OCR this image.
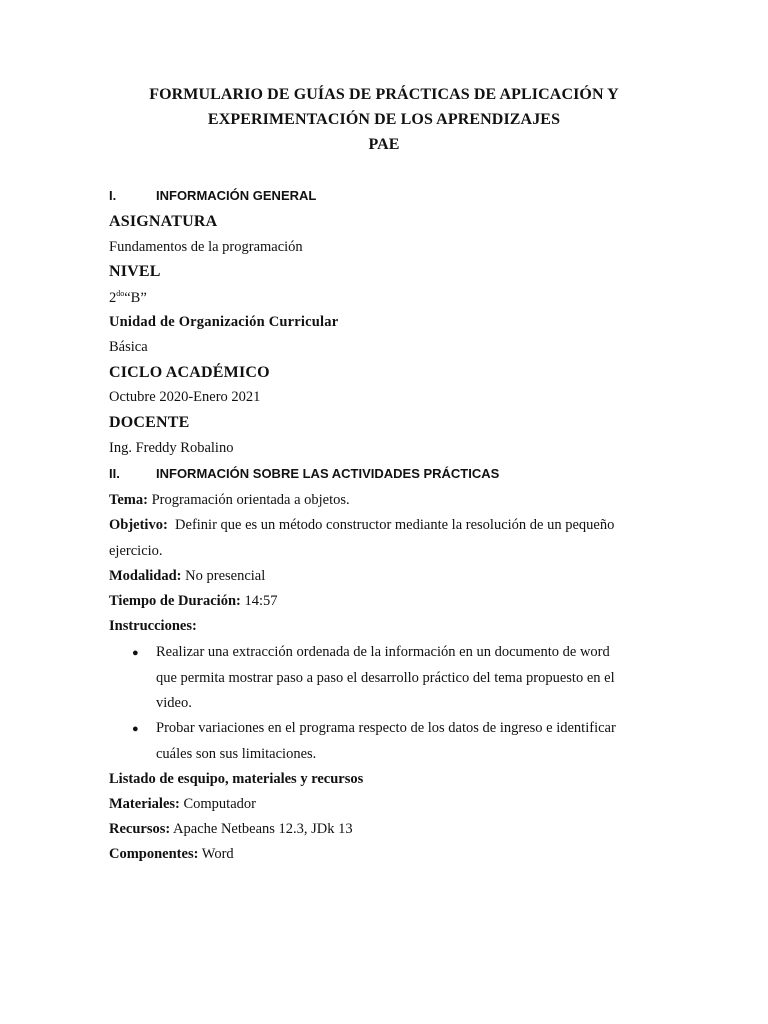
FORMULARIO DE GUÍAS DE PRÁCTICAS DE APLICACIÓN Y
EXPERIMENTACIÓN DE LOS APRENDIZAJES
PAE
I.	INFORMACIÓN GENERAL
ASIGNATURA
Fundamentos de la programación
NIVEL
$2^{do}“B$”
Unidad de Organización Curricular
Básica
CICLO ACADÉMICO
Octubre 2020-Enero 2021
DOCENTE
Ing. Freddy Robalino
II.	INFORMACIÓN SOBRE LAS ACTIVIDADES PRÁCTICAS
Tema: Programación orientada a objetos.
Objetivo: Definir que es un método constructor mediante la resolución de un pequeño
ejercicio.
Modalidad: No presencial
Tiempo de Duración: 14:57
Instrucciones:
● Realizar una extracción ordenada de la información en un documento de word
que permita mostrar paso a paso el desarrollo práctico del tema propuesto en el
video.
● Probar variaciones en el programa respecto de los datos de ingreso e identificar
cuáles son sus limitaciones.
Listado de esquipo, materiales y recursos
Materiales: Computador
Recursos: Apache Netbeans 12.3, JDk 13
Componentes: Word
